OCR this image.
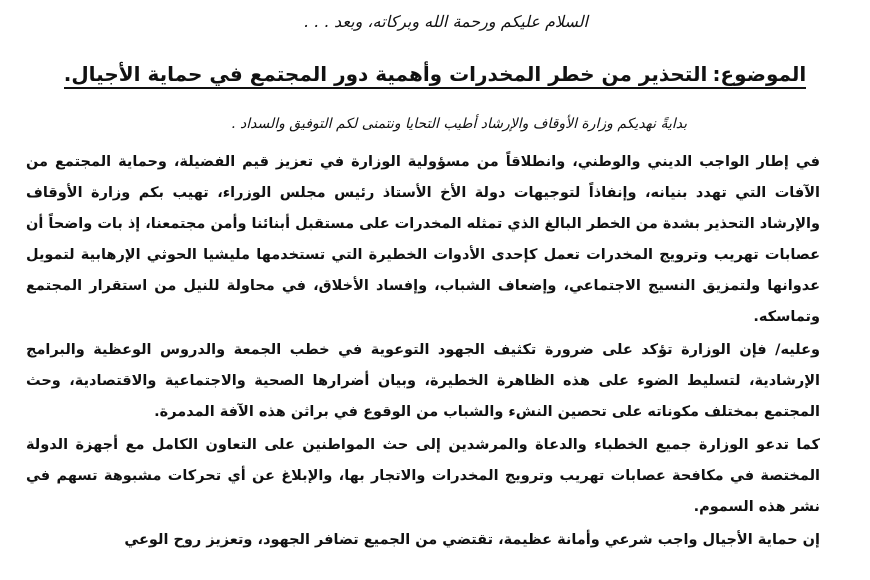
السلام عليكم ورحمة الله وبركاته، وبعد . . .
الموضوع: التحذير من خطر المخدرات وأهمية دور المجتمع في حماية الأجيال.
بدايةً نهديكم وزارة الأوقاف والإرشاد أطيب التحايا ونتمنى لكم التوفيق والسداد .

في إطار الواجب الديني والوطني، وانطلاقاً من مسؤولية الوزارة في تعزيز قيم الفضيلة، وحماية المجتمع من الآفات التي تهدد بنيانه، وإنفاذاً لتوجيهات دولة الأخ الأستاذ رئيس مجلس الوزراء، تهيب بكم وزارة الأوقاف والإرشاد التحذير بشدة من الخطر البالغ الذي تمثله المخدرات على مستقبل أبنائنا وأمن مجتمعنا، إذ بات واضحاً أن عصابات تهريب وترويج المخدرات تعمل كإحدى الأدوات الخطيرة التي تستخدمها مليشيا الحوثي الإرهابية لتمويل عدوانها ولتمزيق النسيج الاجتماعي، وإضعاف الشباب، وإفساد الأخلاق، في محاولة للنيل من استقرار المجتمع وتماسكه.

وعليه/ فإن الوزارة تؤكد على ضرورة تكثيف الجهود التوعوية في خطب الجمعة والدروس الوعظية والبرامج الإرشادية، لتسليط الضوء على هذه الظاهرة الخطيرة، وبيان أضرارها الصحية والاجتماعية والاقتصادية، وحث المجتمع بمختلف مكوناته على تحصين النشء والشباب من الوقوع في براثن هذه الآفة المدمرة.

كما تدعو الوزارة جميع الخطباء والدعاة والمرشدين إلى حث المواطنين على التعاون الكامل مع أجهزة الدولة المختصة في مكافحة عصابات تهريب وترويج المخدرات والاتجار بها، والإبلاغ عن أي تحركات مشبوهة تسهم في نشر هذه السموم.

إن حماية الأجيال واجب شرعي وأمانة عظيمة، تقتضي من الجميع تضافر الجهود، وتعزيز روح الوعي
